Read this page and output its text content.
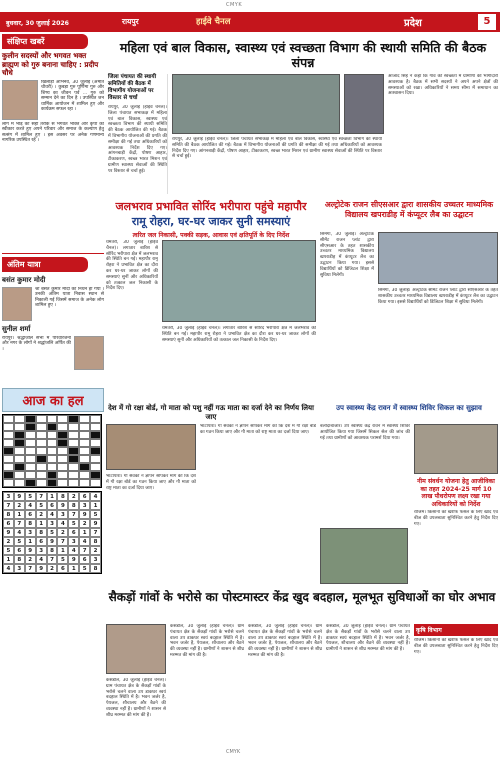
CMYK
बुधवार, 30 जुलाई 2026	रायपुर	हाईवे चैनल	प्रदेश	5
संक्षिप्त खबरें
कुलीन सदस्यों और भगवत भक्त ब्राह्मण को गुरु बनाना चाहिए : प्रदीप चौधे
खिलाड़ी अभिनव, 30 जुलाई (अमीत चौधरी) । कुबड़ा गुरु पूर्णिमा गुरु और शिष्य का जीवन पर्व ... गुरु को सम्मान देने का दिन है । उपस्थित जन धार्मिक आयोजन में शामिल हुए और कार्यक्रम सफल रहा ।
लोग में भीड़ को सही तरीके से भगवत भक्ति और कृपा को स्वीकार करते हुए अपने परिवार और समाज के कल्याण हेतु सत्संग में शामिल हुए । इस अवसर पर अनेक गणमान्य नागरिक उपस्थित रहे ।
अंतिम यात्रा
बसंत कुमार मोदी
श्री बसंत कुमार मोदी का निधन हो गया । उनकी अंतिम यात्रा निवास स्थान से निकाली गई जिसमें समाज के अनेक लोग शामिल हुए ।
सुनील शर्मा
रायपुर। श्रद्धांजलि सभा में परिवारजनों और नगर के लोगों ने श्रद्धांजलि अर्पित की ।
आज का हल
3	9	5	7	1	8	2	6	4
7	2	4	5	6	9	8	3	1
8	1	6	2	4	3	7	9	5
6	7	8	1	3	4	5	2	9
9	4	3	8	5	2	6	1	7
2	5	1	6	9	7	3	4	8
5	6	9	3	8	1	4	7	2
1	8	2	4	7	5	9	6	3
4	3	7	9	2	6	1	5	8
महिला एवं बाल विकास, स्वास्थ्य एवं स्वच्छता विभाग की स्थायी समिति की बैठक संपन्न
जिला पंचायत की स्थायी समितियों की बैठक में विभागीय योजनाओं पर विस्तार से चर्चा
रायपुर, 30 जुलाई (हाईवे चैनल)। जिला पंचायत सभाकक्ष में महिला एवं बाल विकास, स्वास्थ्य एवं स्वच्छता विभाग की स्थायी समिति की बैठक आयोजित की गई। बैठक में विभागीय योजनाओं की प्रगति की समीक्षा की गई तथा अधिकारियों को आवश्यक निर्देश दिए गए। आंगनबाड़ी केंद्रों, पोषण आहार, टीकाकरण, स्वच्छ भारत मिशन एवं ग्रामीण स्वास्थ्य सेवाओं की स्थिति पर विस्तार से चर्चा हुई।
रायपुर, 30 जुलाई (हाईवे चैनल)। जिला पंचायत सभाकक्ष में महिला एवं बाल विकास, स्वास्थ्य एवं स्वच्छता विभाग की स्थायी समिति की बैठक आयोजित की गई। बैठक में विभागीय योजनाओं की प्रगति की समीक्षा की गई तथा अधिकारियों को आवश्यक निर्देश दिए गए। आंगनबाड़ी केंद्रों, पोषण आहार, टीकाकरण, स्वच्छ भारत मिशन एवं ग्रामीण स्वास्थ्य सेवाओं की स्थिति पर विस्तार से चर्चा हुई।
आजाद सिंह ने कहा कि गांव की स्वच्छता में ग्रामीणों की भागीदारी आवश्यक है। बैठक में सभी सदस्यों ने अपने अपने क्षेत्रों की समस्याओं को रखा। अधिकारियों ने समय सीमा में समाधान का आश्वासन दिया।
जलभराव प्रभावित सोरिंद भरीपारा पहुंचे महापौर
रामू रोहरा, घर-घर जाकर सुनी समस्याएं
त्वरित जल निकासी, पक्की सड़क, आवास एवं क्षतिपूर्ति के दिए निर्देश
धमतरी, 30 जुलाई (हाईवे चैनल)। लगातार बारिश से सोरिंद भरीपारा क्षेत्र में जलभराव की स्थिति बन गई। महापौर रामू रोहरा ने प्रभावित क्षेत्र का दौरा कर घर-घर जाकर लोगों की समस्याएं सुनीं और अधिकारियों को तत्काल जल निकासी के निर्देश दिए।
धमतरी, 30 जुलाई (हाईवे चैनल)। लगातार बारिश से सोरिंद भरीपारा क्षेत्र में जलभराव की स्थिति बन गई। महापौर रामू रोहरा ने प्रभावित क्षेत्र का दौरा कर घर-घर जाकर लोगों की समस्याएं सुनीं और अधिकारियों को तत्काल जल निकासी के निर्देश दिए।
अल्ट्रोटेक राजन सीएसआर द्वारा शासकीय उच्चतर माध्यमिक विद्यालय खपराडीह में कंप्यूटर लैब का उद्घाटन
सिमगा, 30 जुलाई। अल्ट्राटेक सीमेंट राजन प्लांट द्वारा सीएसआर के तहत शासकीय उच्चतर माध्यमिक विद्यालय खपराडीह में कंप्यूटर लैब का उद्घाटन किया गया। इससे विद्यार्थियों को डिजिटल शिक्षा में सुविधा मिलेगी।
सिमगा, 30 जुलाई। अल्ट्राटेक सीमेंट राजन प्लांट द्वारा सीएसआर के तहत शासकीय उच्चतर माध्यमिक विद्यालय खपराडीह में कंप्यूटर लैब का उद्घाटन किया गया। इससे विद्यार्थियों को डिजिटल शिक्षा में सुविधा मिलेगी।
देश में गो रक्षा बोर्ड, गो माता को पशु नहीं गऊ माता का दर्जा देने का निर्णय लिया जाए
भाटापारा। गौ सेवकों ने ज्ञापन सौंपकर मांग की कि देश में गौ रक्षा बोर्ड का गठन किया जाए और गौ माता को राष्ट्र माता का दर्जा दिया जाए।
भाटापारा। गौ सेवकों ने ज्ञापन सौंपकर मांग की कि देश में गौ रक्षा बोर्ड का गठन किया जाए और गौ माता को राष्ट्र माता का दर्जा दिया जाए।
उप स्वास्थ्य केंद्र रावन में स्वास्थ्य शिविर सिकल का सुझाव
बलौदाबाजार। उप स्वास्थ्य केंद्र रावन में स्वास्थ्य शिविर आयोजित किया गया जिसमें सिकल सेल की जांच की गई तथा ग्रामीणों को आवश्यक परामर्श दिया गया।
नीम संवर्धन योजना हेतु आजीविका का तहत 2024-25 मार्ग 10 लाख पौधरोपण लक्ष्य रखा गया अधिकारियों को निर्देश
राजिम। किसानों को खरीफ फसल के लिए खाद एवं बीज की उपलब्धता सुनिश्चित करने हेतु निर्देश दिए गए।
सैकड़ों गांवों के भरोसे का पोस्टमास्टर केंद्र खुद बदहाल, मूलभूत सुविधाओं का घोर अभाव
कसडोल, 30 जुलाई (हाईवे चैनल)। ग्राम पंचायत क्षेत्र के सैकड़ों गांवों के भरोसे चलने वाला उप डाकघर स्वयं बदहाल स्थिति में है। भवन जर्जर है, पेयजल, शौचालय और बैठने की व्यवस्था नहीं है। ग्रामीणों ने शासन से शीघ्र मरम्मत की मांग की है।
कसडोल, 30 जुलाई (हाईवे चैनल)। ग्राम पंचायत क्षेत्र के सैकड़ों गांवों के भरोसे चलने वाला उप डाकघर स्वयं बदहाल स्थिति में है। भवन जर्जर है, पेयजल, शौचालय और बैठने की व्यवस्था नहीं है। ग्रामीणों ने शासन से शीघ्र मरम्मत की मांग की है।
कसडोल, 30 जुलाई (हाईवे चैनल)। ग्राम पंचायत क्षेत्र के सैकड़ों गांवों के भरोसे चलने वाला उप डाकघर स्वयं बदहाल स्थिति में है। भवन जर्जर है, पेयजल, शौचालय और बैठने की व्यवस्था नहीं है। ग्रामीणों ने शासन से शीघ्र मरम्मत की मांग की है।
कसडोल, 30 जुलाई (हाईवे चैनल)। ग्राम पंचायत क्षेत्र के सैकड़ों गांवों के भरोसे चलने वाला उप डाकघर स्वयं बदहाल स्थिति में है। भवन जर्जर है, पेयजल, शौचालय और बैठने की व्यवस्था नहीं है। ग्रामीणों ने शासन से शीघ्र मरम्मत की मांग की है।
कृषि विभाग
राजिम। किसानों को खरीफ फसल के लिए खाद एवं बीज की उपलब्धता सुनिश्चित करने हेतु निर्देश दिए गए।
CMYK
